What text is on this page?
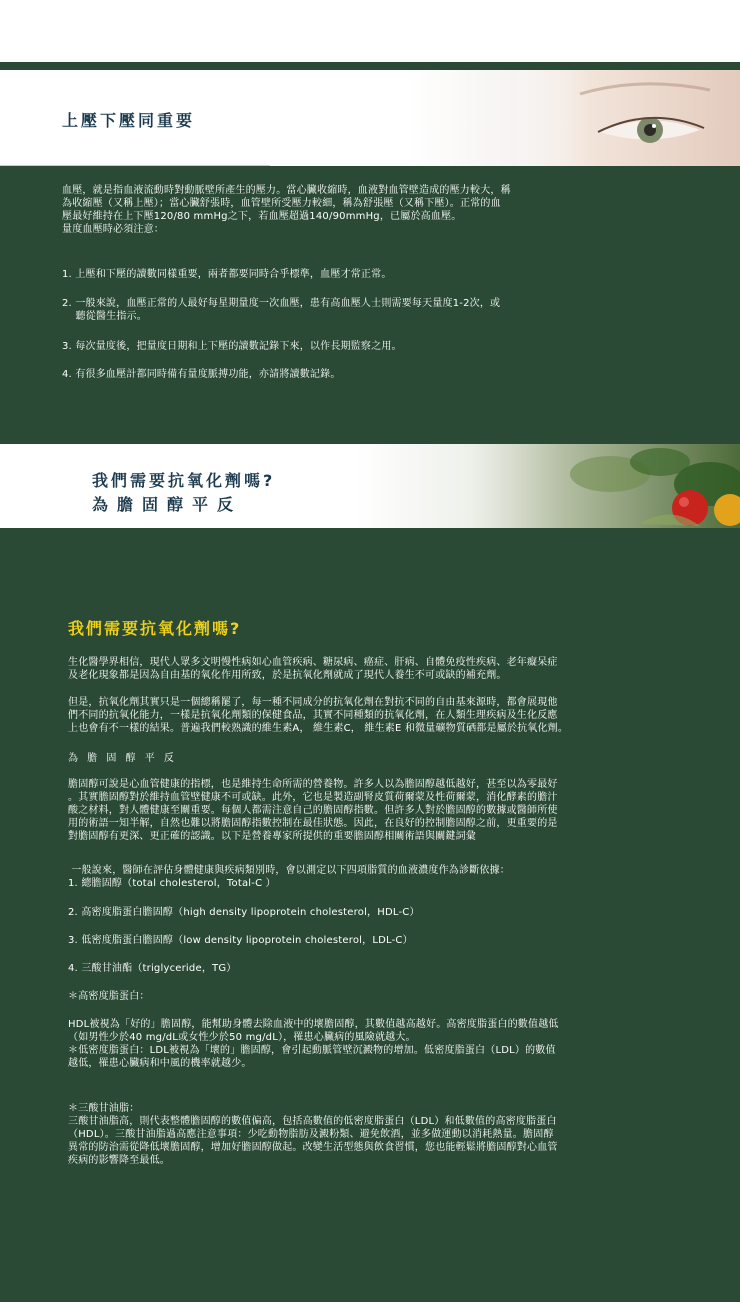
上壓下壓同重要
血壓，就是指血液流動時對動脈壁所產生的壓力。當心臟收縮時，血液對血管壁造成的壓力較大，稱
為收縮壓（又稱上壓）；當心臟舒張時，血管壁所受壓力較細，稱為舒張壓（又稱下壓）。正常的血
壓最好維持在上下壓120/80 mmHg之下，若血壓超過140/90mmHg，已屬於高血壓。
量度血壓時必須注意：
1. 上壓和下壓的讀數同樣重要，兩者都要同時合乎標準，血壓才常正常。
2. 一般來說，血壓正常的人最好每星期量度一次血壓，患有高血壓人士則需要每天量度1-2次，或
聽從醫生指示。
3. 每次量度後，把量度日期和上下壓的讀數記錄下來，以作長期監察之用。
4. 有很多血壓計都同時備有量度脈搏功能，亦請將讀數記錄。
我們需要抗氧化劑嗎?
為膽固醇平反
我們需要抗氧化劑嗎?
生化醫學界相信，現代人眾多文明慢性病如心血管疾病、糖尿病、癌症、肝病、自體免疫性疾病、老年癡呆症
及老化現象都是因為自由基的氧化作用所致，於是抗氧化劑就成了現代人養生不可或缺的補充劑。
但是，抗氧化劑其實只是一個總稱罷了，每一種不同成分的抗氧化劑在對抗不同的自由基來源時，都會展現他
們不同的抗氧化能力，一樣是抗氧化劑類的保健食品，其實不同種類的抗氧化劑，在人類生理疾病及生化反應
上也會有不一樣的結果。普遍我們較熟識的維生素A， 維生素C， 維生素E 和微量礦物質硒都是屬於抗氧化劑。
為 膽 固 醇 平 反
膽固醇可說是心血管健康的指標，也是維持生命所需的營養物。許多人以為膽固醇越低越好，甚至以為零最好
。其實膽固醇對於維持血管壁健康不可或缺。此外，它也是製造副腎皮質荷爾蒙及性荷爾蒙，消化酵素的膽汁
酸之材料，對人體健康至關重要。每個人都需注意自己的膽固醇指數。但許多人對於膽固醇的數據或醫師所使
用的術語一知半解，自然也難以將膽固醇指數控制在最佳狀態。因此，在良好的控制膽固醇之前，更重要的是
對膽固醇有更深、更正確的認識。以下是營養專家所提供的重要膽固醇相關術語與關鍵詞彙
一般說來，醫師在評估身體健康與疾病類別時，會以測定以下四項脂質的血液濃度作為診斷依據：
1. 總膽固醇（total cholesterol，Total-C ）
2. 高密度脂蛋白膽固醇（high density lipoprotein cholesterol，HDL-C）
3. 低密度脂蛋白膽固醇（low density lipoprotein cholesterol，LDL-C）
4. 三酸甘油酯（triglyceride，TG）
＊高密度脂蛋白：
HDL被視為「好的」膽固醇，能幫助身體去除血液中的壞膽固醇，其數值越高越好。高密度脂蛋白的數值越低
（如男性少於40 mg/dL或女性少於50 mg/dL），罹患心臟病的風險就越大。
＊低密度脂蛋白：LDL被視為「壞的」膽固醇，會引起動脈管壁沉澱物的增加。低密度脂蛋白（LDL）的數值
越低，罹患心臟病和中風的機率就越少。
＊三酸甘油脂：
三酸甘油脂高，則代表整體膽固醇的數值偏高，包括高數值的低密度脂蛋白（LDL）和低數值的高密度脂蛋白
（HDL）。三酸甘油脂過高應注意事項：少吃動物脂肪及澱粉類、避免飲酒，並多做運動以消耗熱量。膽固醇
異常的防治需從降低壞膽固醇，增加好膽固醇做起。改變生活型態與飲食習慣，您也能輕鬆將膽固醇對心血管
疾病的影響降至最低。
